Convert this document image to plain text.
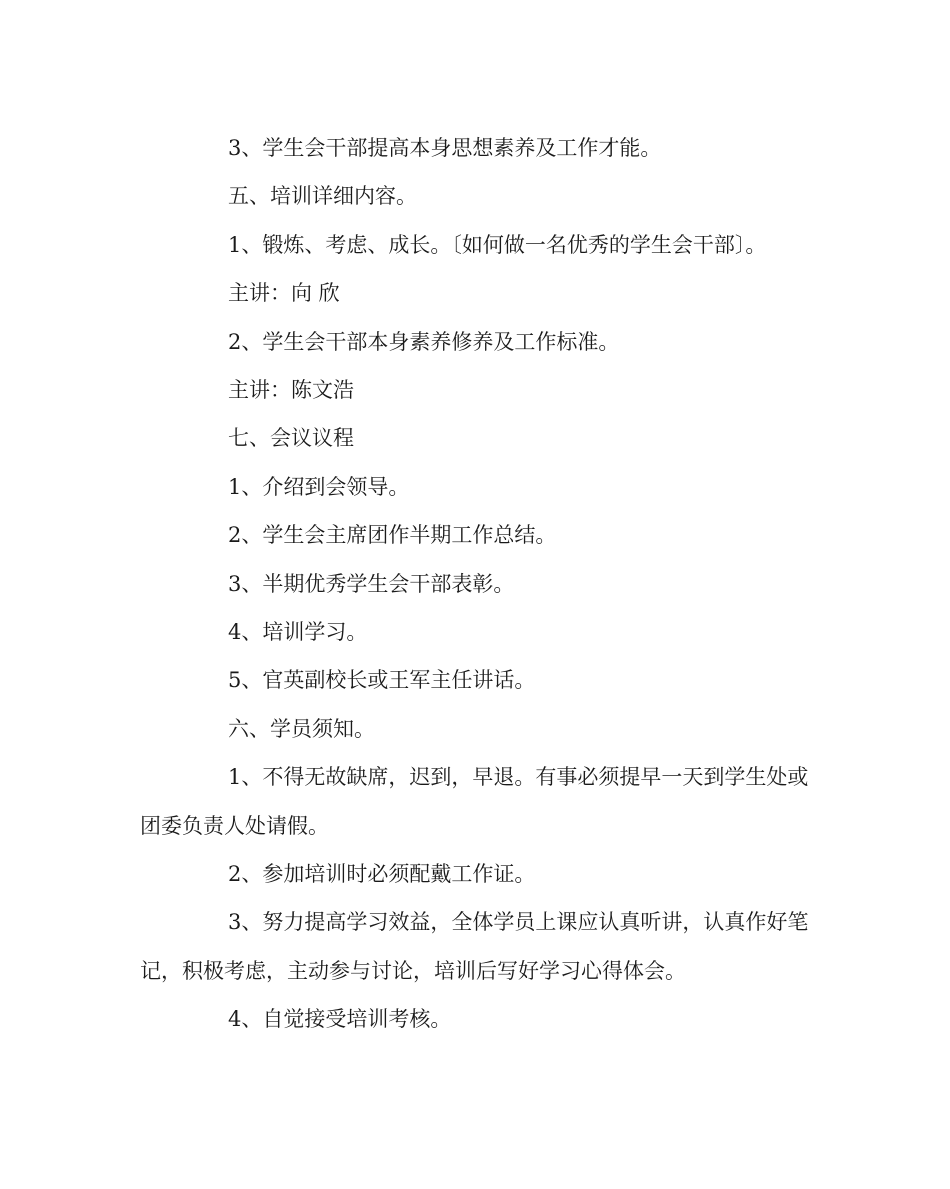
3、学生会干部提高本身思想素养及工作才能。

五、培训详细内容。

1、锻炼、考虑、成长。〔如何做一名优秀的学生会干部〕。

主讲：向 欣

2、学生会干部本身素养修养及工作标准。

主讲：陈文浩

七、会议议程

1、介绍到会领导。

2、学生会主席团作半期工作总结。

3、半期优秀学生会干部表彰。

4、培训学习。

5、官英副校长或王军主任讲话。

六、学员须知。

1、不得无故缺席，迟到，早退。有事必须提早一天到学生处或团委负责人处请假。

2、参加培训时必须配戴工作证。

3、努力提高学习效益，全体学员上课应认真听讲，认真作好笔记，积极考虑，主动参与讨论，培训后写好学习心得体会。

4、自觉接受培训考核。
